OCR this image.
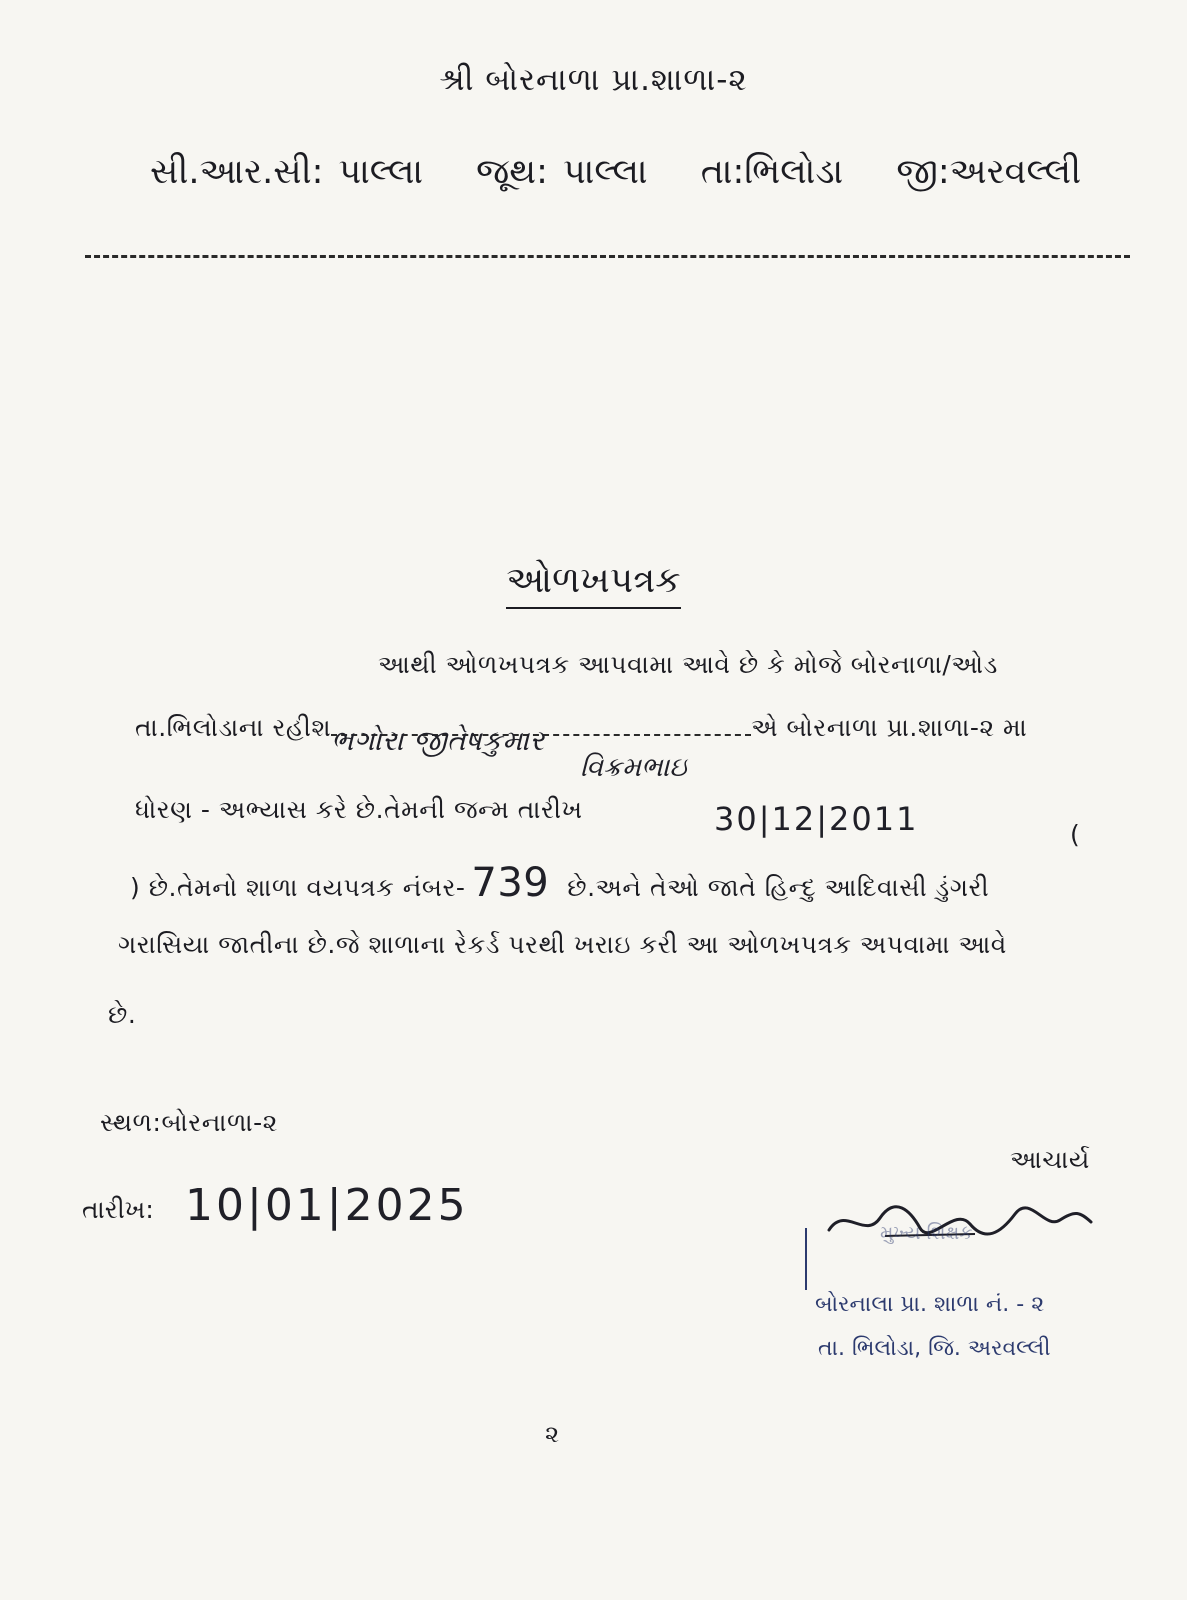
શ્રી બોરનાળા પ્રા.શાળા-૨
સી.આર.સી: પાલ્લા જૂથ: પાલ્લા તા:ભિલોડા જી:અરવલ્લી
ઓળખપત્રક
આથી ઓળખપત્રક આપવામા આવે છે કે મોજે બોરનાળા/ઓડ
તા.ભિલોડાના રહીશ ભગોરા જીતેષકુમાર	એ બોરનાળા પ્રા.શાળા-૨ મા
વિક્રમભાઇ
ધોરણ - અભ્યાસ કરે છે.તેમની જન્મ તારીખ	30|12|2011	(
) છે.તેમનો શાળા વયપત્રક નંબર- 739 છે.અને તેઓ જાતે હિન્દુ આદિવાસી ડુંગરી
ગરાસિયા જાતીના છે.જે શાળાના રેકર્ડ પરથી ખરાઇ કરી આ ઓળખપત્રક અપવામા આવે
છે.
સ્થળ:બોરનાળા-૨
તારીખ: 10|01|2025
આચાર્ય
મુખ્ય શિક્ષક
બોરનાલા પ્રા. શાળા નં. - ૨
તા. ભિલોડા, જિ. અરવલ્લી
૨
